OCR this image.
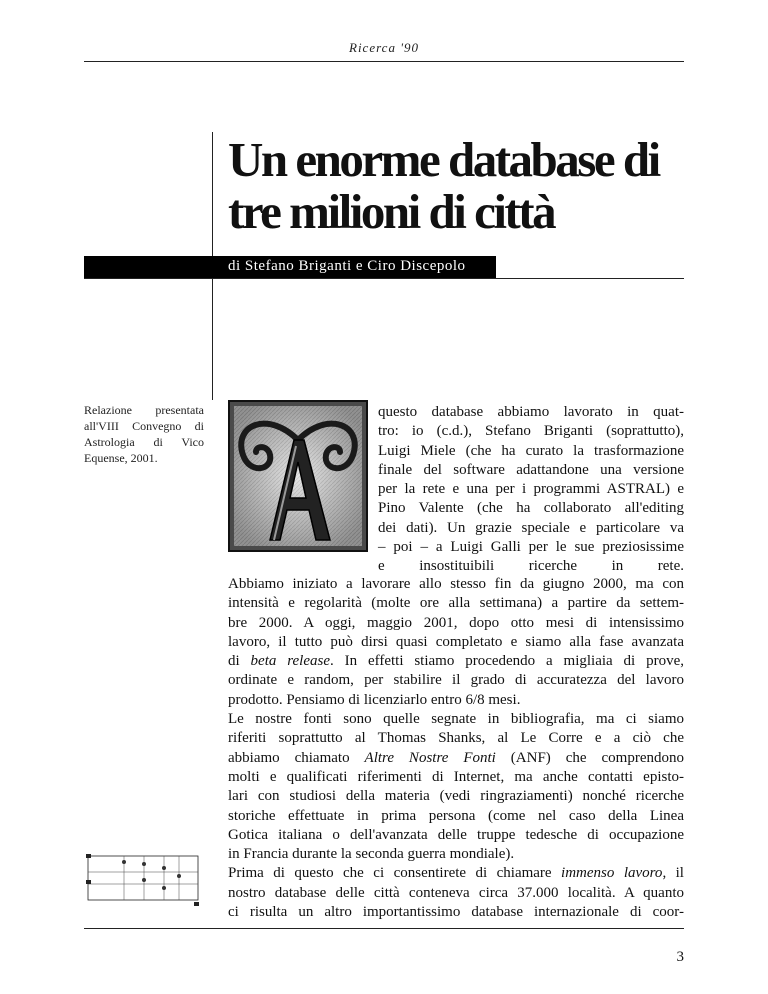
Ricerca '90
Un enorme database di
tre milioni di città
di Stefano Briganti e Ciro Discepolo
Relazione presentata all'VIII Convegno di Astrologia di Vico Equense, 2001.
A
questo database abbiamo lavorato in quat-
tro: io (c.d.), Stefano Briganti (soprattutto),
Luigi Miele (che ha curato la trasformazione
finale del software adattandone una versione
per la rete e una per i programmi ASTRAL) e
Pino Valente (che ha collaborato all'editing
dei dati). Un grazie speciale e particolare va
– poi – a Luigi Galli per le sue preziosissime
e insostituibili ricerche in rete.
Abbiamo iniziato a lavorare allo stesso fin da giugno 2000, ma con
intensità e regolarità (molte ore alla settimana) a partire da settem-
bre 2000. A oggi, maggio 2001, dopo otto mesi di intensissimo
lavoro, il tutto può dirsi quasi completato e siamo alla fase avanzata
di beta release. In effetti stiamo procedendo a migliaia di prove,
ordinate e random, per stabilire il grado di accuratezza del lavoro
prodotto. Pensiamo di licenziarlo entro 6/8 mesi.
Le nostre fonti sono quelle segnate in bibliografia, ma ci siamo
riferiti soprattutto al Thomas Shanks, al Le Corre e a ciò che
abbiamo chiamato Altre Nostre Fonti (ANF) che comprendono
molti e qualificati riferimenti di Internet, ma anche contatti episto-
lari con studiosi della materia (vedi ringraziamenti) nonché ricerche
storiche effettuate in prima persona (come nel caso della Linea
Gotica italiana o dell'avanzata delle truppe tedesche di occupazione
in Francia durante la seconda guerra mondiale).
Prima di questo che ci consentirete di chiamare immenso lavoro, il
nostro database delle città conteneva circa 37.000 località. A quanto
ci risulta un altro importantissimo database internazionale di coor-
3
